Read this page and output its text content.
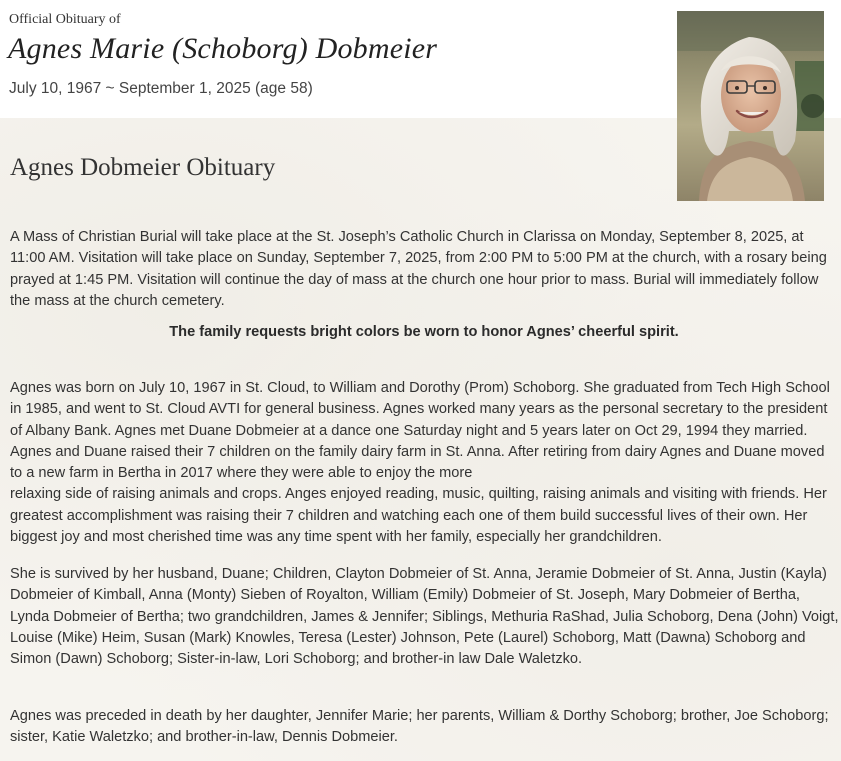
Official Obituary of
Agnes Marie (Schoborg) Dobmeier
July 10, 1967 ~ September 1, 2025 (age 58)
Agnes Dobmeier Obituary

A Mass of Christian Burial will take place at the St. Joseph’s Catholic Church in Clarissa on Monday, September 8, 2025, at 11:00 AM. Visitation will take place on Sunday, September 7, 2025, from 2:00 PM to 5:00 PM at the church, with a rosary being prayed at 1:45 PM. Visitation will continue the day of mass at the church one hour prior to mass. Burial will immediately follow the mass at the church cemetery.

The family requests bright colors be worn to honor Agnes’ cheerful spirit.
Agnes was born on July 10, 1967 in St. Cloud, to William and Dorothy (Prom) Schoborg. She graduated from Tech High School in 1985, and went to St. Cloud AVTI for general business. Agnes worked many years as the personal secretary to the president of Albany Bank. Agnes met Duane Dobmeier at a dance one Saturday night and 5 years later on Oct 29, 1994 they married. Agnes and Duane raised their 7 children on the family dairy farm in St. Anna. After retiring from dairy Agnes and Duane moved to a new farm in Bertha in 2017 where they were able to enjoy the more
relaxing side of raising animals and crops. Anges enjoyed reading, music, quilting, raising animals and visiting with friends. Her greatest accomplishment was raising their 7 children and watching each one of them build successful lives of their own. Her biggest joy and most cherished time was any time spent with her family, especially her grandchildren.

She is survived by her husband, Duane; Children, Clayton Dobmeier of St. Anna, Jeramie Dobmeier of St. Anna, Justin (Kayla) Dobmeier of Kimball, Anna (Monty) Sieben of Royalton, William (Emily) Dobmeier of St. Joseph, Mary Dobmeier of Bertha, Lynda Dobmeier of Bertha; two grandchildren, James & Jennifer; Siblings, Methuria RaShad, Julia Schoborg, Dena (John) Voigt, Louise (Mike) Heim, Susan (Mark) Knowles, Teresa (Lester) Johnson, Pete (Laurel) Schoborg, Matt (Dawna) Schoborg and Simon (Dawn) Schoborg; Sister-in-law, Lori Schoborg; and brother-in law Dale Waletzko.

Agnes was preceded in death by her daughter, Jennifer Marie; her parents, William & Dorthy Schoborg; brother, Joe Schoborg; sister, Katie Waletzko; and brother-in-law, Dennis Dobmeier.
